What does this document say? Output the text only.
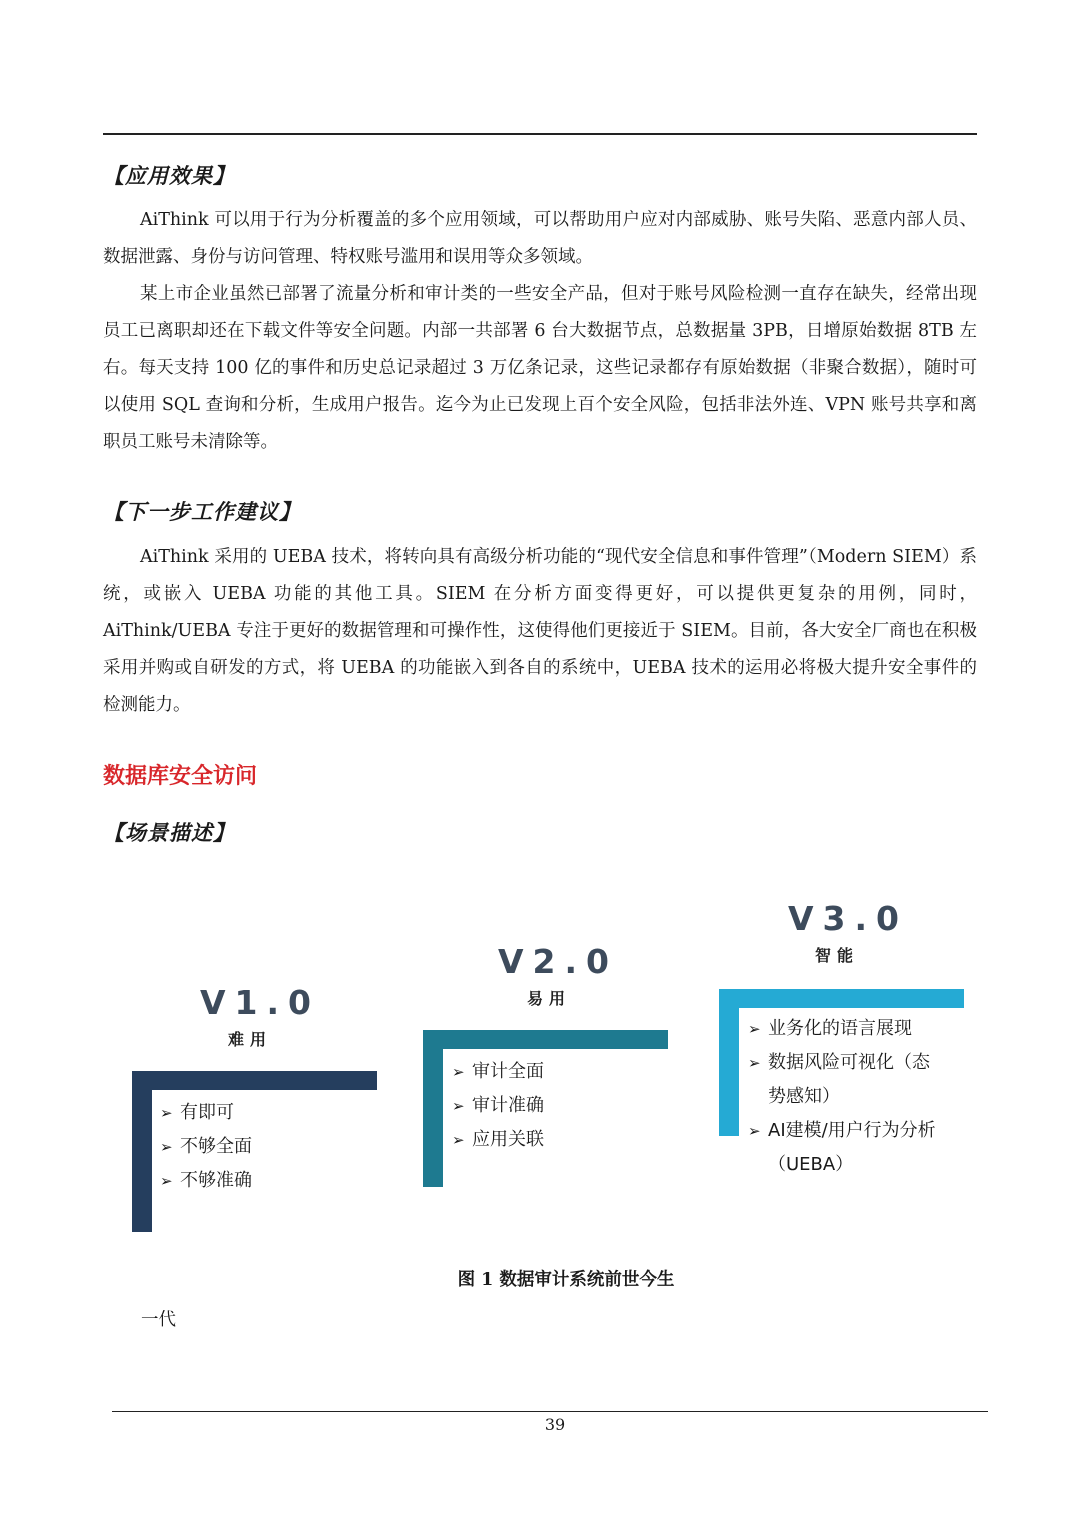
【应用效果】

AiThink 可以用于行为分析覆盖的多个应用领域，可以帮助用户应对内部威胁、账号失陷、恶意内部人员、数据泄露、身份与访问管理、特权账号滥用和误用等众多领域。

某上市企业虽然已部署了流量分析和审计类的一些安全产品，但对于账号风险检测一直存在缺失，经常出现员工已离职却还在下载文件等安全问题。内部一共部署 6 台大数据节点，总数据量 3PB，日增原始数据 8TB 左右。每天支持 100 亿的事件和历史总记录超过 3 万亿条记录，这些记录都存有原始数据（非聚合数据），随时可以使用 SQL 查询和分析，生成用户报告。迄今为止已发现上百个安全风险，包括非法外连、VPN 账号共享和离职员工账号未清除等。

【下一步工作建议】

AiThink 采用的 UEBA 技术，将转向具有高级分析功能的“现代安全信息和事件管理”（Modern SIEM）系统，或嵌入 UEBA 功能的其他工具。SIEM 在分析方面变得更好，可以提供更复杂的用例，同时，AiThink/UEBA 专注于更好的数据管理和可操作性，这使得他们更接近于 SIEM。目前，各大安全厂商也在积极采用并购或自研发的方式，将 UEBA 的功能嵌入到各自的系统中，UEBA 技术的运用必将极大提升安全事件的检测能力。

数据库安全访问
【场景描述】
V1.0
难用
➢ 有即可
➢ 不够全面
➢ 不够准确
V2.0
易用
➢ 审计全面
➢ 审计准确
➢ 应用关联
V3.0
智能
➢ 业务化的语言展现
➢ 数据风险可视化（态
势感知）
➢ AI建模/用户行为分析
（UEBA）
图 1 数据审计系统前世今生
一代
39
